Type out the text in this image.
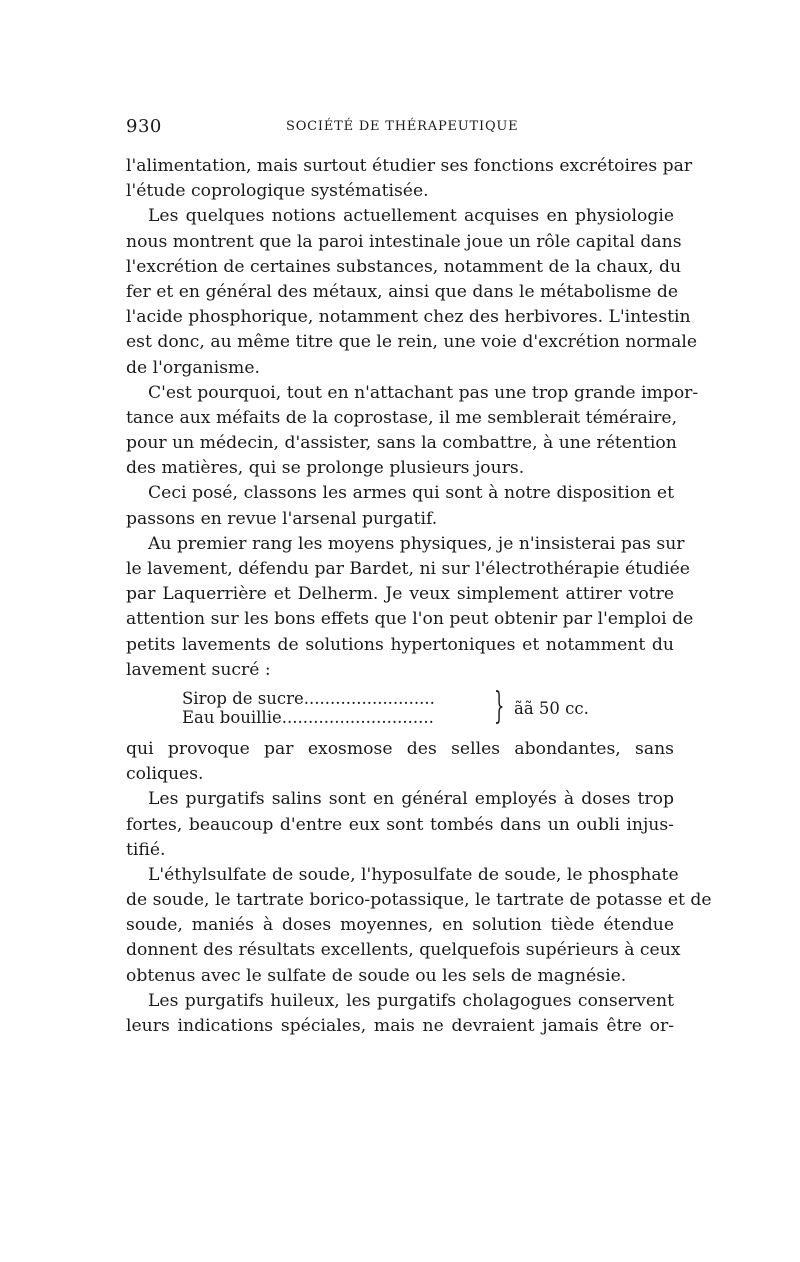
930	SOCIÉTÉ DE THÉRAPEUTIQUE
l'alimentation, mais surtout étudier ses fonctions excrétoires par
l'étude coprologique systématisée.
Les quelques notions actuellement acquises en physiologie
nous montrent que la paroi intestinale joue un rôle capital dans
l'excrétion de certaines substances, notamment de la chaux, du
fer et en général des métaux, ainsi que dans le métabolisme de
l'acide phosphorique, notamment chez des herbivores. L'intestin
est donc, au même titre que le rein, une voie d'excrétion normale
de l'organisme.
C'est pourquoi, tout en n'attachant pas une trop grande impor-
tance aux méfaits de la coprostase, il me semblerait téméraire,
pour un médecin, d'assister, sans la combattre, à une rétention
des matières, qui se prolonge plusieurs jours.
Ceci posé, classons les armes qui sont à notre disposition et
passons en revue l'arsenal purgatif.
Au premier rang les moyens physiques, je n'insisterai pas sur
le lavement, défendu par Bardet, ni sur l'électrothérapie étudiée
par Laquerrière et Delherm. Je veux simplement attirer votre
attention sur les bons effets que l'on peut obtenir par l'emploi de
petits lavements de solutions hypertoniques et notamment du
lavement sucré :
Sirop de sucre.........................
Eau bouillie............................. } ãã 50 cc.
qui provoque par exosmose des selles abondantes, sans
coliques.
Les purgatifs salins sont en général employés à doses trop
fortes, beaucoup d'entre eux sont tombés dans un oubli injus-
tifié.
L'éthylsulfate de soude, l'hyposulfate de soude, le phosphate
de soude, le tartrate borico-potassique, le tartrate de potasse et de
soude, maniés à doses moyennes, en solution tiède étendue
donnent des résultats excellents, quelquefois supérieurs à ceux
obtenus avec le sulfate de soude ou les sels de magnésie.
Les purgatifs huileux, les purgatifs cholagogues conservent
leurs indications spéciales, mais ne devraient jamais être or-
